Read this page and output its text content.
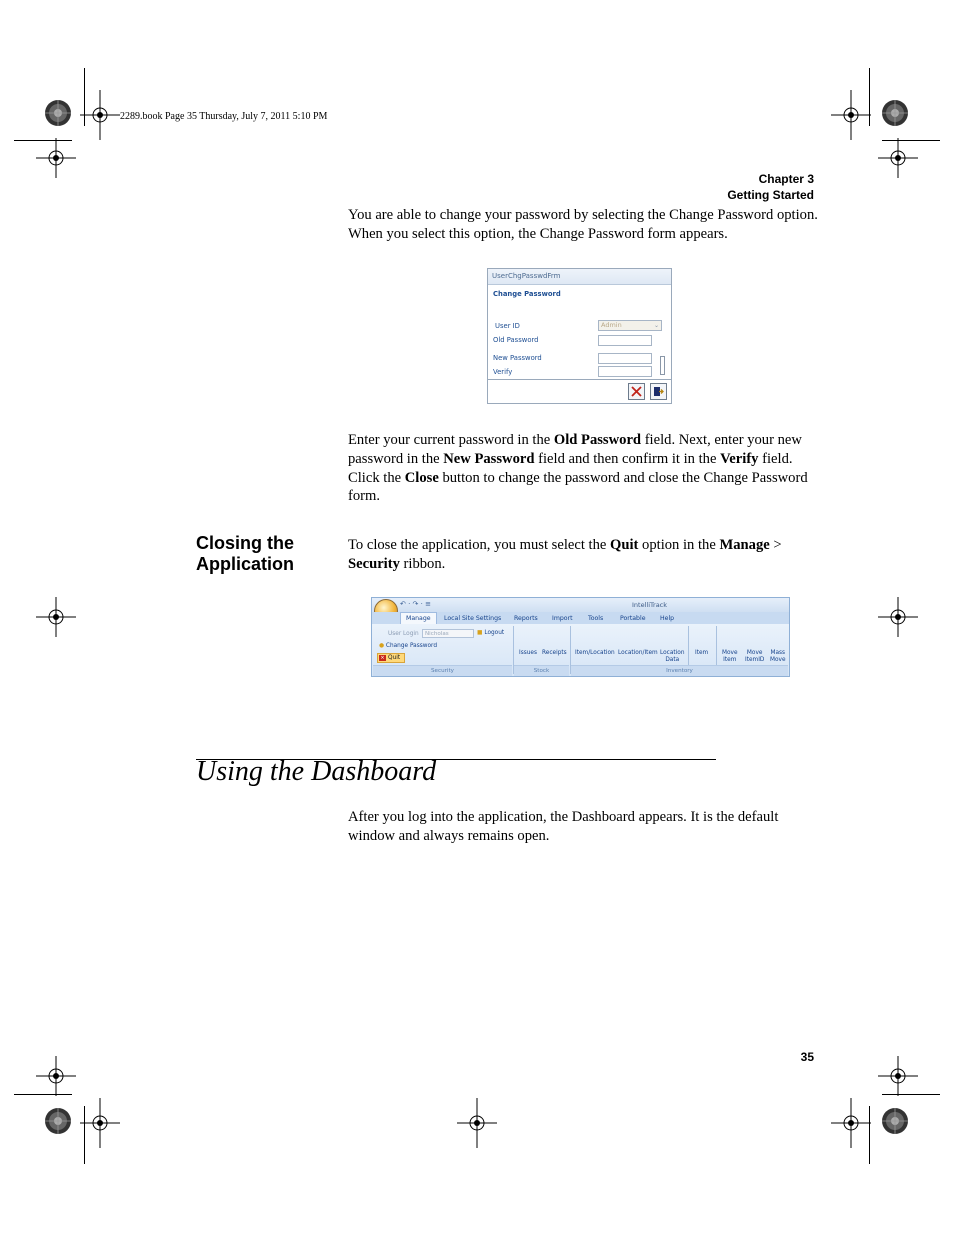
2289.book Page 35 Thursday, July 7, 2011 5:10 PM
Chapter 3
Getting Started
You are able to change your password by selecting the Change Password option. When you select this option, the Change Password form appears.
UserChgPasswdFrm
Change Password
User ID	Admin	⌄
Old Password
New Password
Verify
Enter your current password in the Old Password field. Next, enter your new password in the New Password field and then confirm it in the Verify field. Click the Close button to change the password and close the Change Password form.
Closing the
Application
To close the application, you must select the Quit option in the Manage > Security ribbon.
↶ · ↷ · ≡	IntelliTrack
Manage	Local Site Settings Reports Import Tools	Portable Help
User Login	Nicholas	■ Logout
● Change Password
× Quit
Issues Receipts Item/Location Location/Item Location
Data
Item Move
Item
Move
ItemID
Mass
Move
Security	Stock	Inventory
Using the Dashboard
After you log into the application, the Dashboard appears. It is the default window and always remains open.
35
